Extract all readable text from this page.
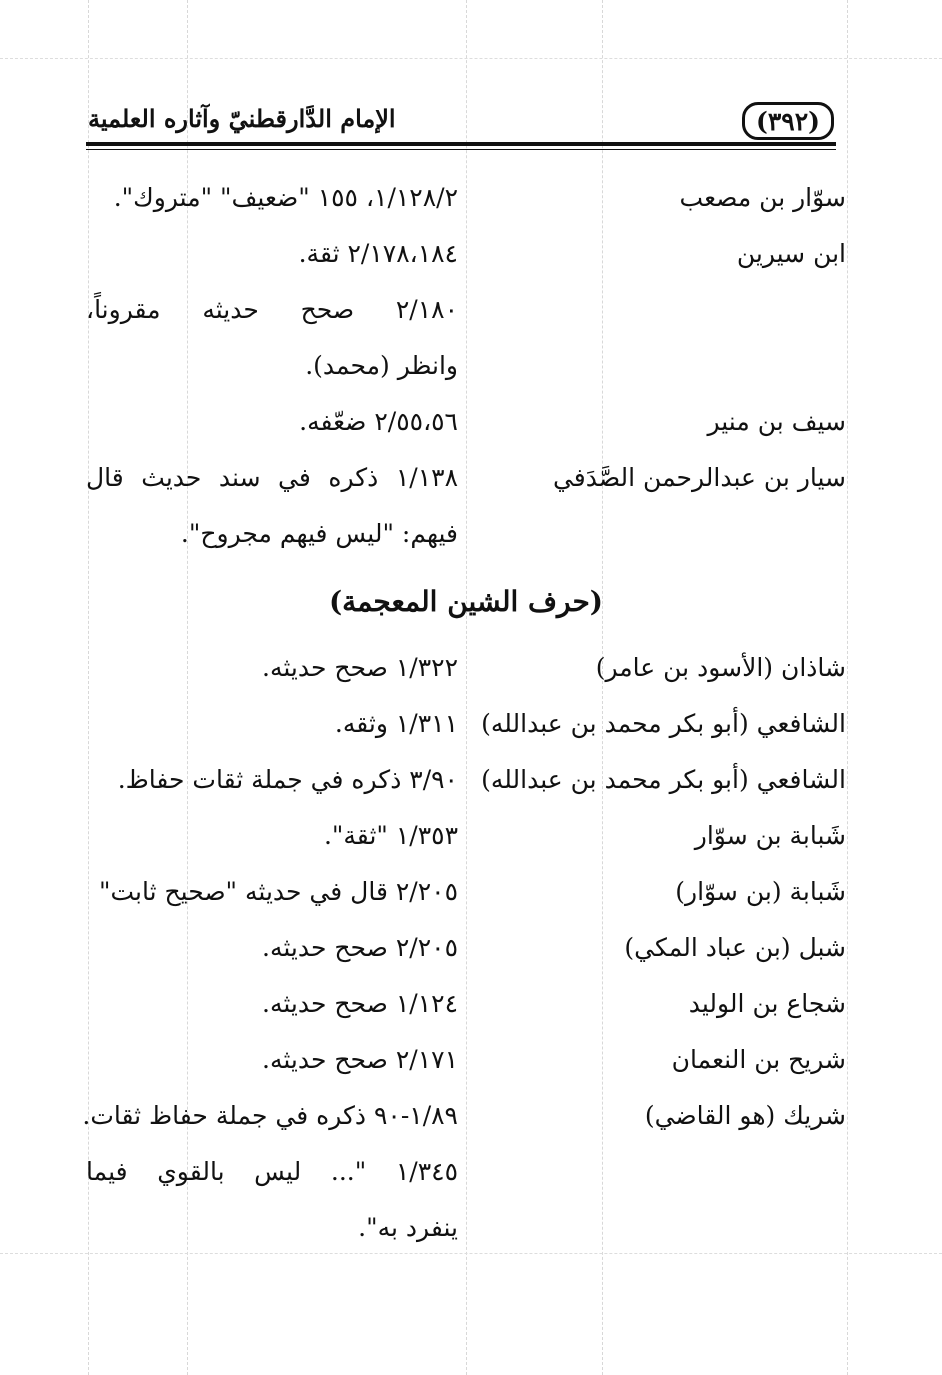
(٣٩٢)
الإمام الدَّارقطنيّ وآثاره العلمية
سوّار بن مصعب
١/١٢٨/٢، ١٥٥ "ضعيف" "متروك".
ابن سيرين
٢/١٧٨،١٨٤ ثقة.
٢/١٨٠ صحح حديثه مقروناً،
وانظر (محمد).
سيف بن منير
٢/٥٥،٥٦ ضعّفه.
سيار بن عبدالرحمن الصَّدَفي
١/١٣٨ ذكره في سند حديث قال
فيهم: "ليس فيهم مجروح".
(حرف الشين المعجمة)
شاذان (الأسود بن عامر)
١/٣٢٢ صحح حديثه.
الشافعي (أبو بكر محمد بن عبدالله)
١/٣١١ وثقه.
الشافعي (أبو بكر محمد بن عبدالله)
٣/٩٠ ذكره في جملة ثقات حفاظ.
شَبابة بن سوّار
١/٣٥٣ "ثقة".
شَبابة (بن سوّار)
٢/٢٠٥ قال في حديثه "صحيح ثابت"
شبل (بن عباد المكي)
٢/٢٠٥ صحح حديثه.
شجاع بن الوليد
١/١٢٤ صحح حديثه.
شريح بن النعمان
٢/١٧١ صحح حديثه.
شريك (هو القاضي)
١/٨٩-٩٠ ذكره في جملة حفاظ ثقات.
١/٣٤٥ "... ليس بالقوي فيما
ينفرد به".
